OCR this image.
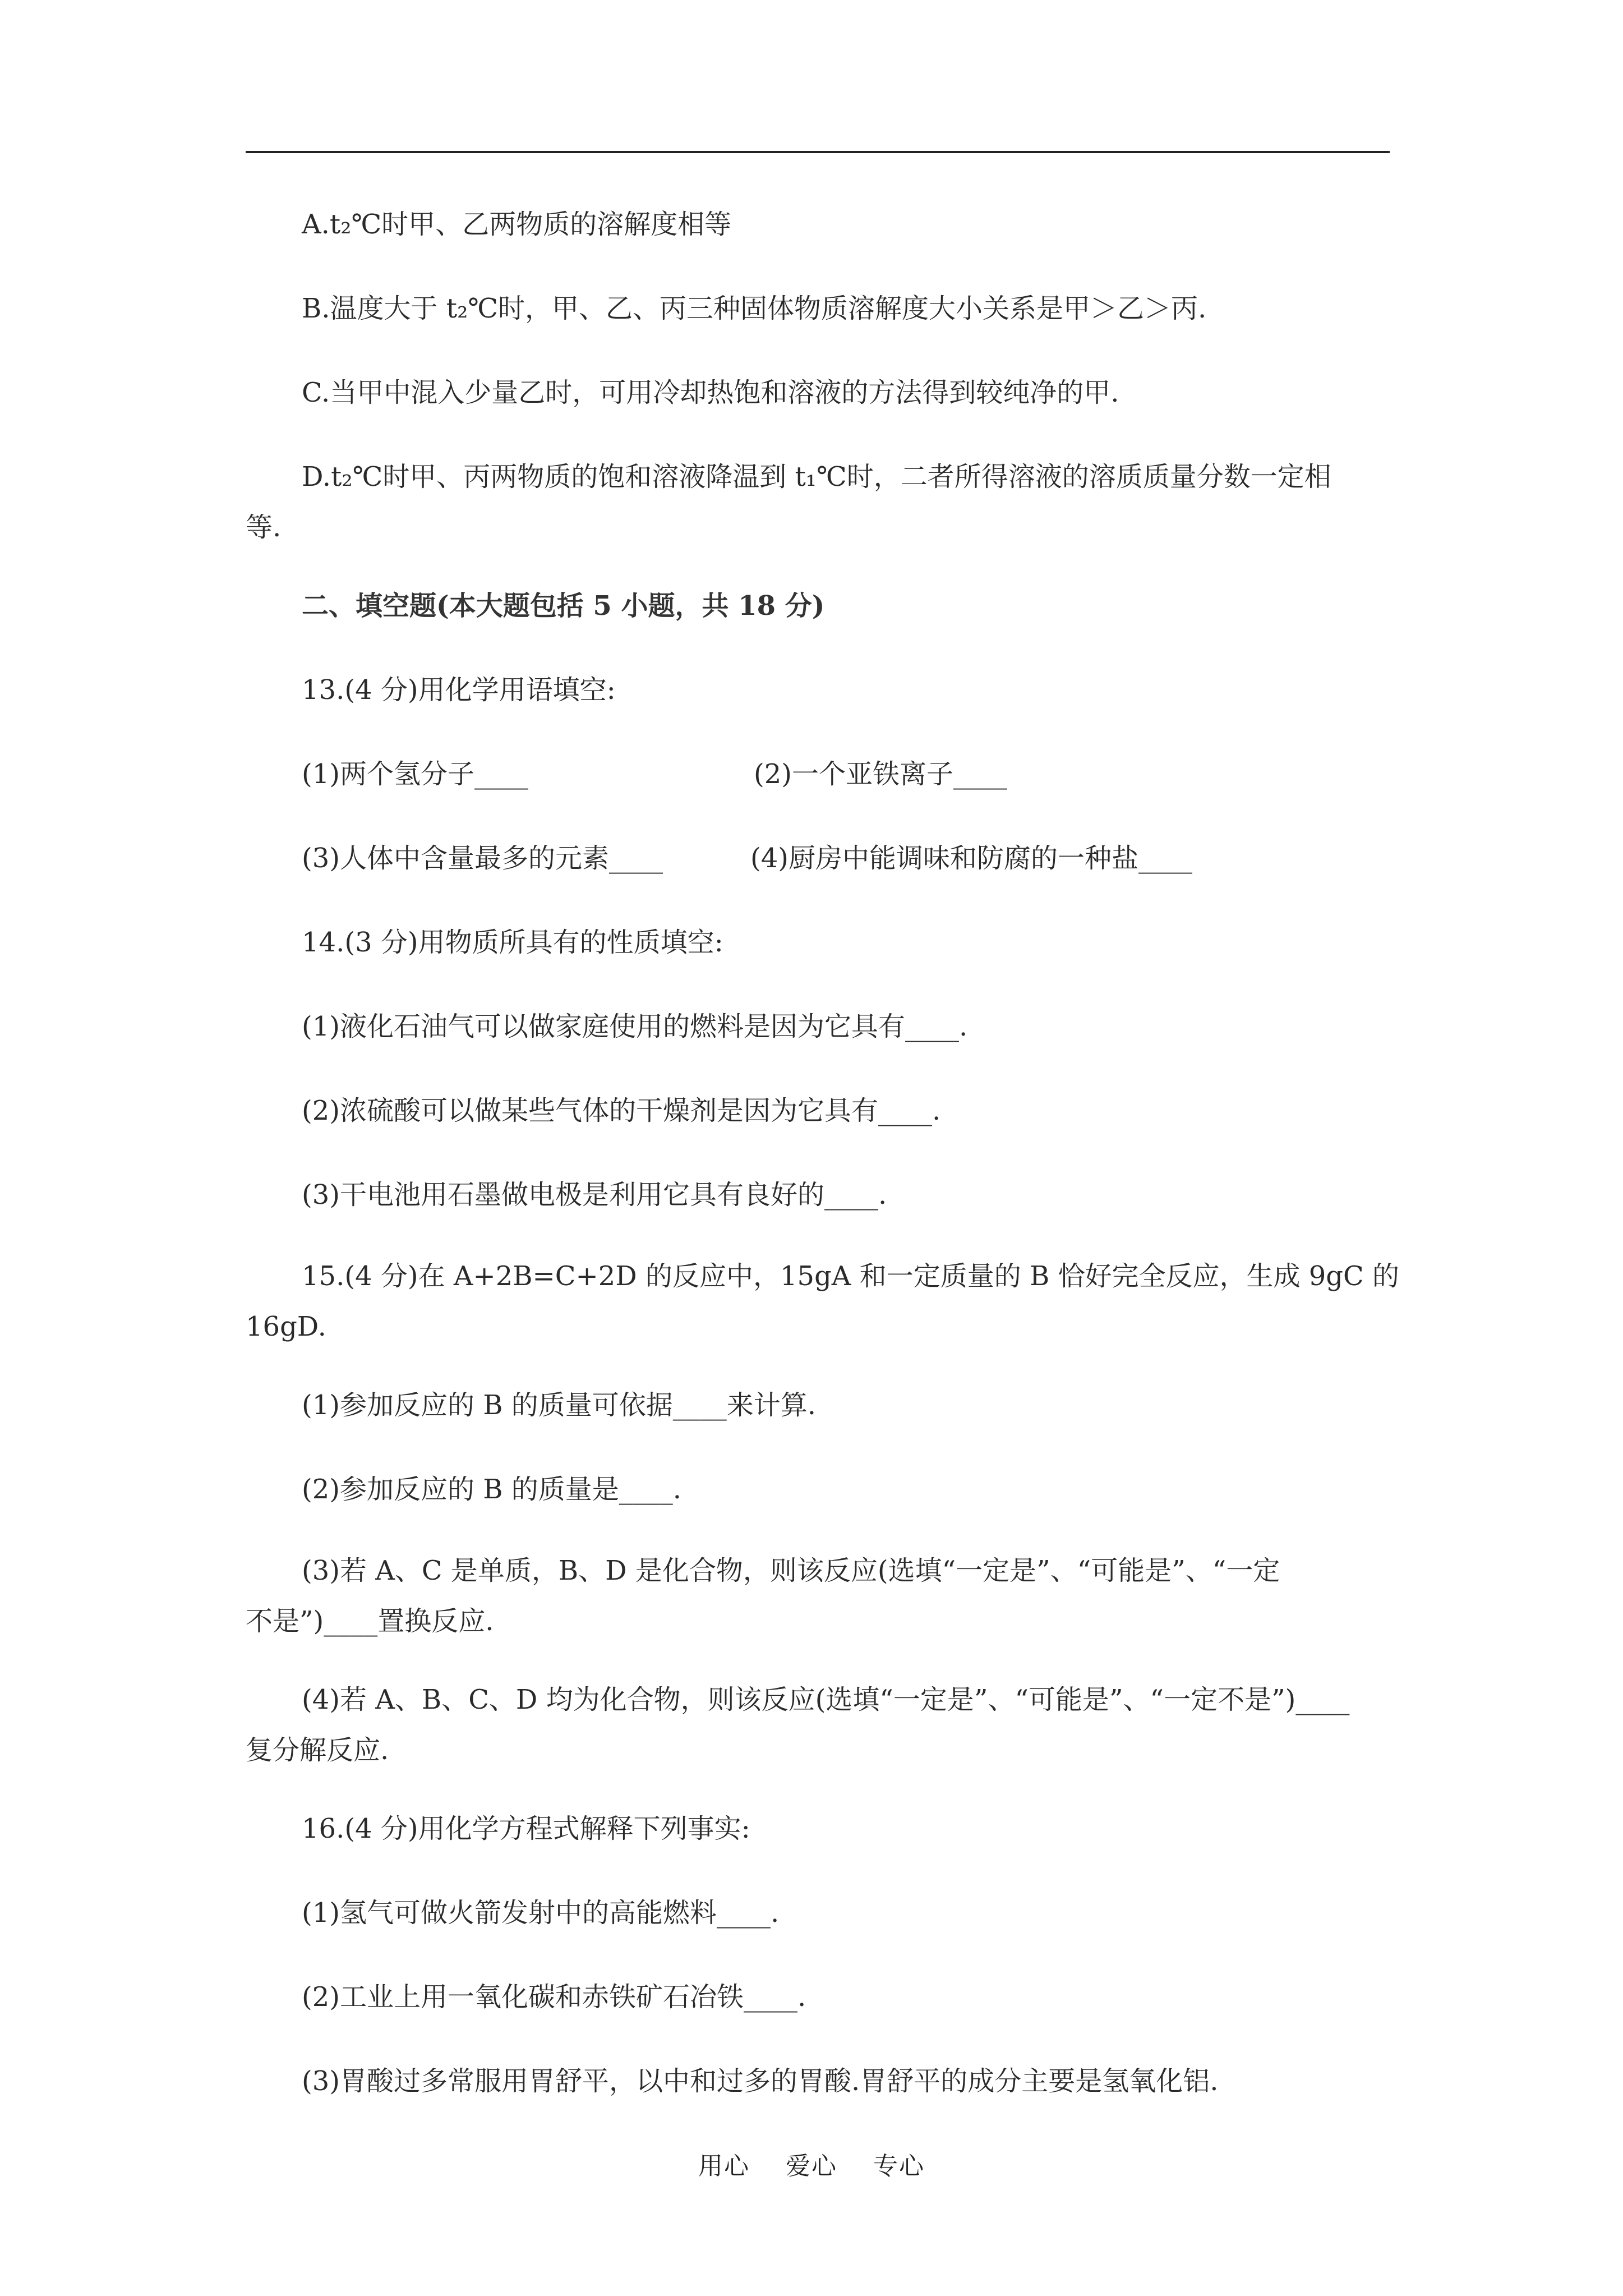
A.t₂℃时甲、乙两物质的溶解度相等
B.温度大于 t₂℃时，甲、乙、丙三种固体物质溶解度大小关系是甲＞乙＞丙.
C.当甲中混入少量乙时，可用冷却热饱和溶液的方法得到较纯净的甲.
D.t₂℃时甲、丙两物质的饱和溶液降温到 t₁℃时，二者所得溶液的溶质质量分数一定相
等.
二、填空题(本大题包括 5 小题，共 18 分)
13.(4 分)用化学用语填空:
(1)两个氢分子____	(2)一个亚铁离子____
(3)人体中含量最多的元素____	(4)厨房中能调味和防腐的一种盐____
14.(3 分)用物质所具有的性质填空:
(1)液化石油气可以做家庭使用的燃料是因为它具有____.
(2)浓硫酸可以做某些气体的干燥剂是因为它具有____.
(3)干电池用石墨做电极是利用它具有良好的____.
15.(4 分)在 A+2B=C+2D 的反应中，15gA 和一定质量的 B 恰好完全反应，生成 9gC 的
16gD.
(1)参加反应的 B 的质量可依据____来计算.
(2)参加反应的 B 的质量是____.
(3)若 A、C 是单质，B、D 是化合物，则该反应(选填“一定是”、“可能是”、“一定
不是”)____置换反应.
(4)若 A、B、C、D 均为化合物，则该反应(选填“一定是”、“可能是”、“一定不是”)____
复分解反应.
16.(4 分)用化学方程式解释下列事实:
(1)氢气可做火箭发射中的高能燃料____.
(2)工业上用一氧化碳和赤铁矿石冶铁____.
(3)胃酸过多常服用胃舒平，以中和过多的胃酸.胃舒平的成分主要是氢氧化铝.
用心 爱心 专心
